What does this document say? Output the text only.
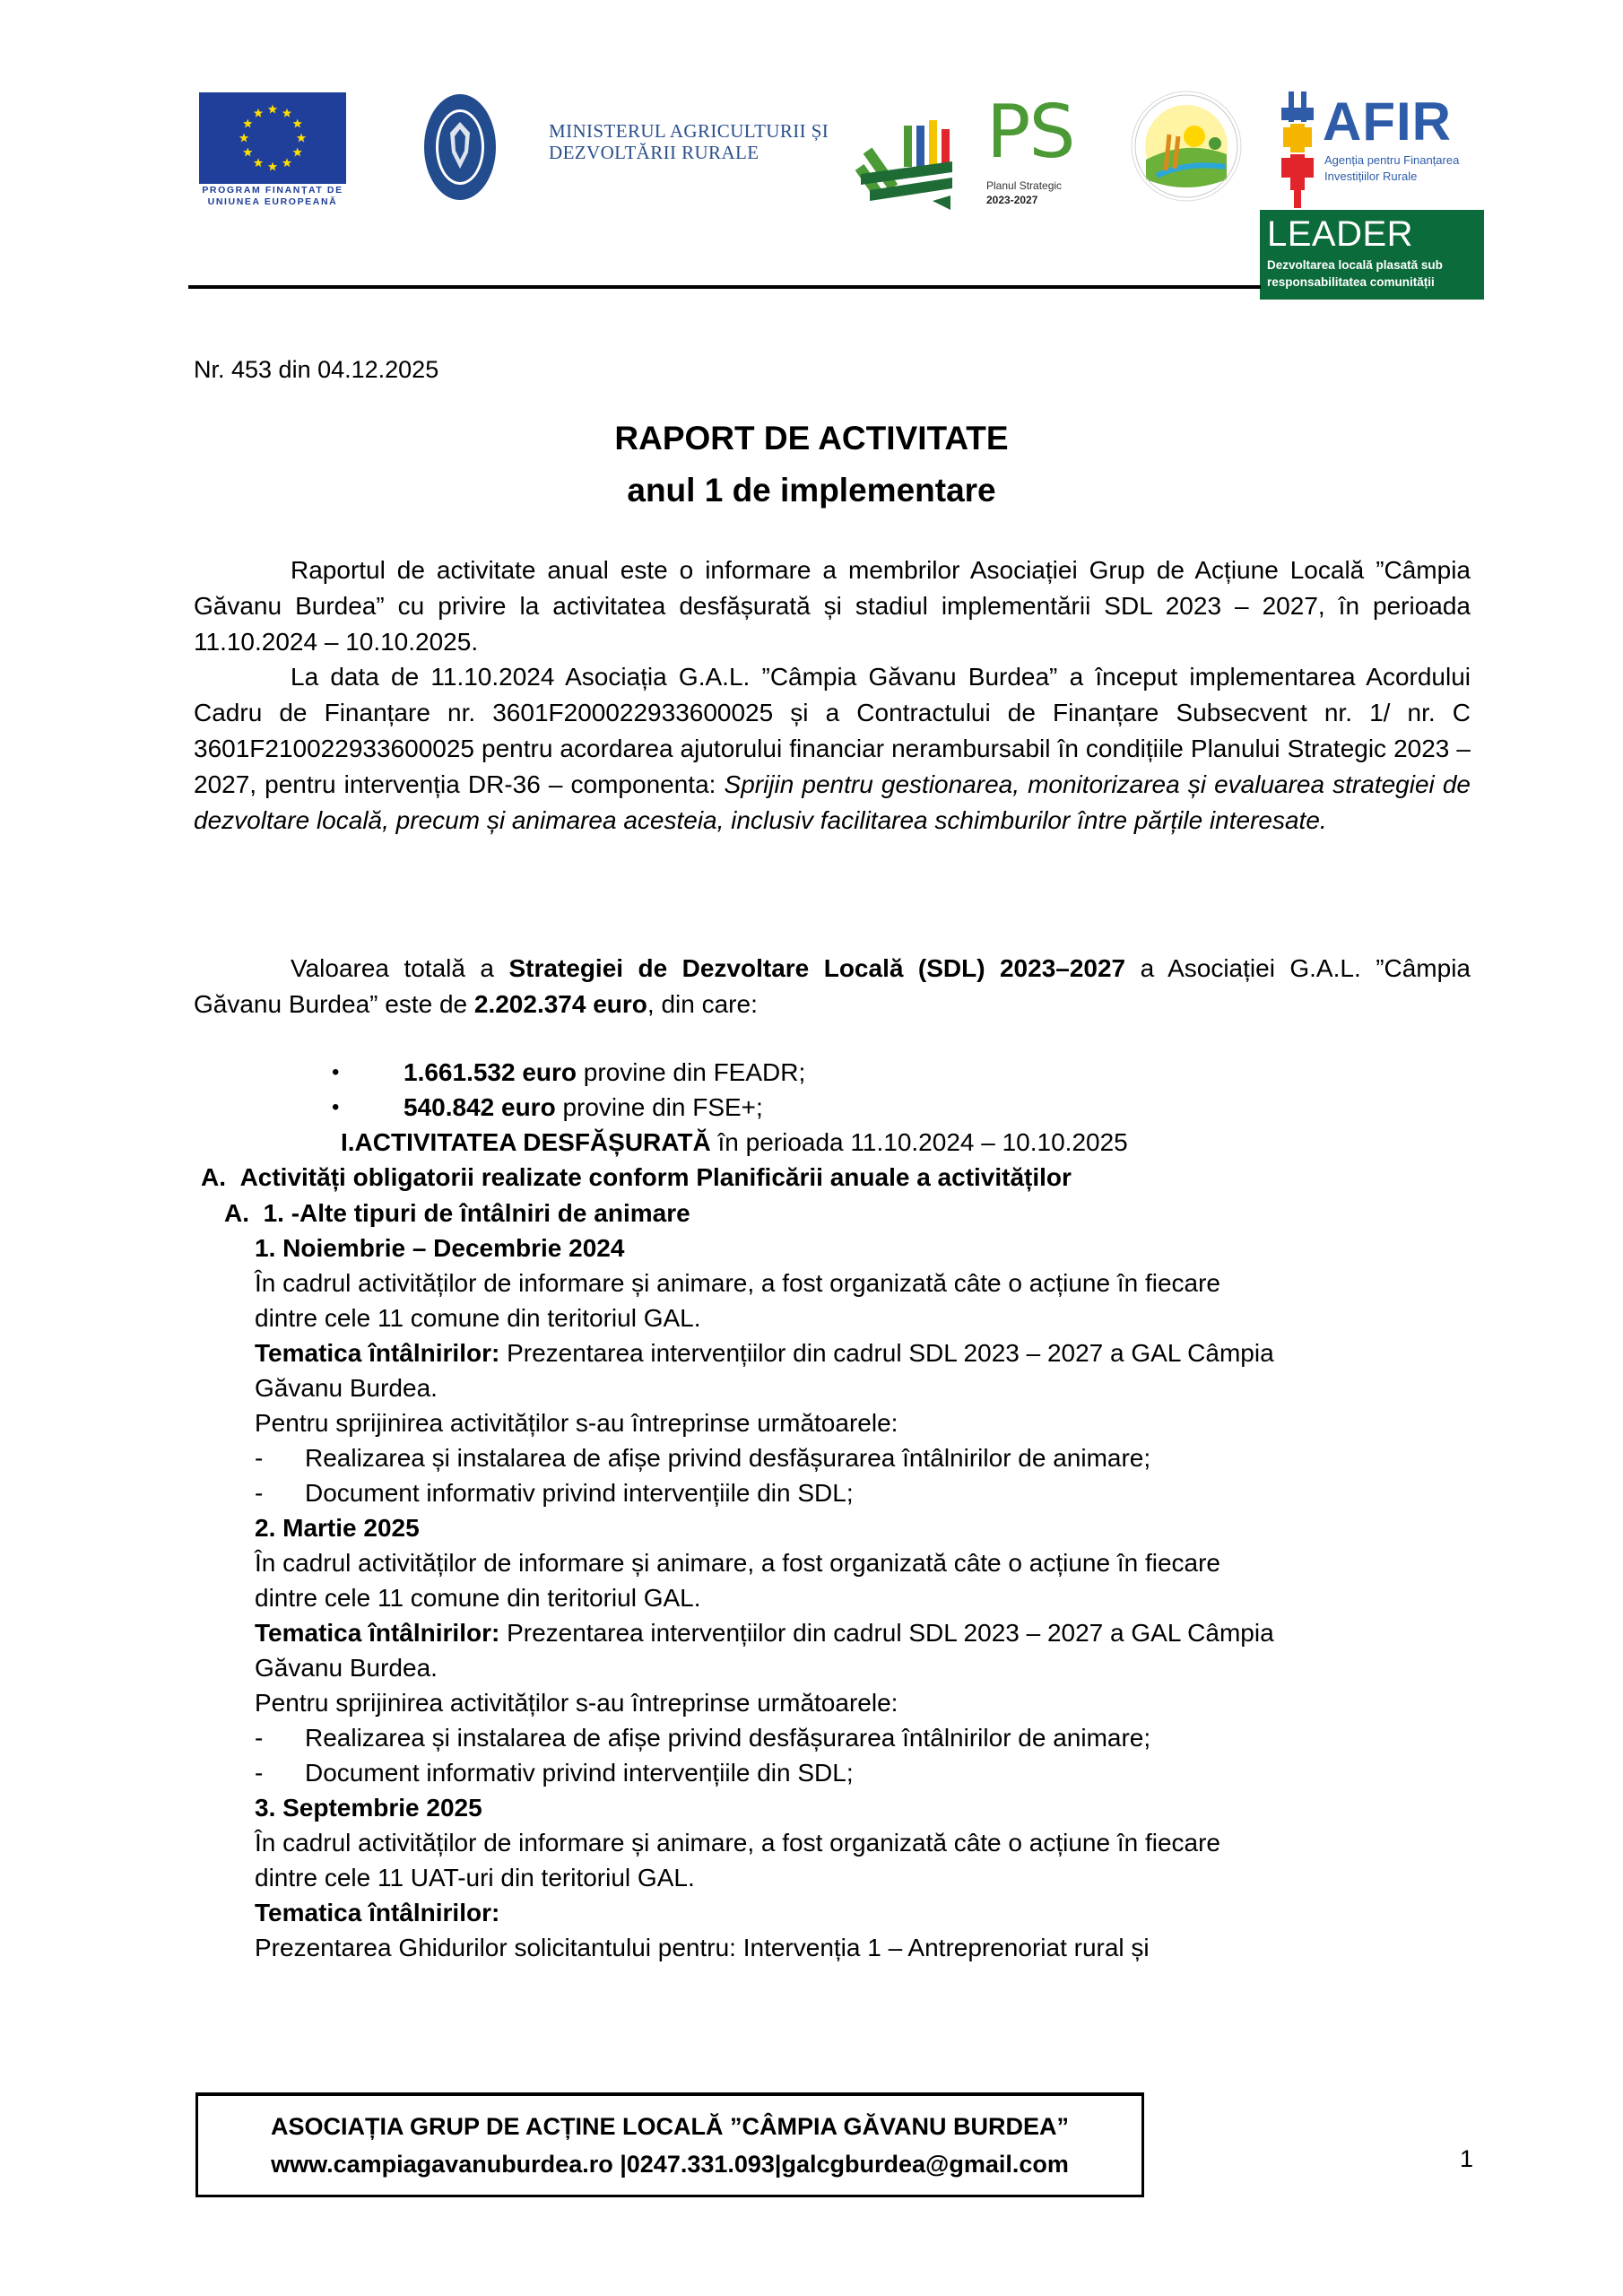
PROGRAM FINANȚAT DE
UNIUNEA EUROPEANĂ
MINISTERUL AGRICULTURII ȘI
DEZVOLTĂRII RURALE	PS
Planul Strategic
2023-2027
AFIR
Agenția pentru Finanțarea
Investițiilor Rurale
LEADER
Dezvoltarea locală plasată sub
responsabilitatea comunității
Nr. 453 din 04.12.2025
RAPORT DE ACTIVITATE
anul 1 de implementare
Raportul de activitate anual este o informare a membrilor Asociației Grup de Acțiune Locală ”Câmpia Găvanu Burdea” cu privire la activitatea desfășurată și stadiul implementării SDL 2023 – 2027, în perioada 11.10.2024 – 10.10.2025.
La data de 11.10.2024 Asociația G.A.L. ”Câmpia Găvanu Burdea” a început implementarea Acordului Cadru de Finanțare nr. 3601F200022933600025 și a Contractului de Finanțare Subsecvent nr. 1/ nr. C 3601F210022933600025 pentru acordarea ajutorului financiar nerambursabil în condițiile Planului Strategic 2023 – 2027, pentru intervenția DR-36 – componenta: Sprijin pentru gestionarea, monitorizarea și evaluarea strategiei de dezvoltare locală, precum și animarea acesteia, inclusiv facilitarea schimburilor între părțile interesate.
Valoarea totală a Strategiei de Dezvoltare Locală (SDL) 2023–2027 a Asociației G.A.L. ”Câmpia Găvanu Burdea” este de 2.202.374 euro, din care:
•	1.661.532 euro provine din FEADR;
•	540.842 euro provine din FSE+;
I.ACTIVITATEA DESFĂȘURATĂ în perioada 11.10.2024 – 10.10.2025
A. Activități obligatorii realizate conform Planificării anuale a activităților
A. 1. -Alte tipuri de întâlniri de animare
1. Noiembrie – Decembrie 2024
În cadrul activităților de informare și animare, a fost organizată câte o acțiune în fiecare
dintre cele 11 comune din teritoriul GAL.
Tematica întâlnirilor: Prezentarea intervențiilor din cadrul SDL 2023 – 2027 a GAL Câmpia
Găvanu Burdea.
Pentru sprijinirea activităților s-au întreprinse următoarele:
- Realizarea și instalarea de afișe privind desfășurarea întâlnirilor de animare;
- Document informativ privind intervențiile din SDL;
2. Martie 2025
În cadrul activităților de informare și animare, a fost organizată câte o acțiune în fiecare
dintre cele 11 comune din teritoriul GAL.
Tematica întâlnirilor: Prezentarea intervențiilor din cadrul SDL 2023 – 2027 a GAL Câmpia
Găvanu Burdea.
Pentru sprijinirea activităților s-au întreprinse următoarele:
- Realizarea și instalarea de afișe privind desfășurarea întâlnirilor de animare;
- Document informativ privind intervențiile din SDL;
3. Septembrie 2025
În cadrul activităților de informare și animare, a fost organizată câte o acțiune în fiecare
dintre cele 11 UAT-uri din teritoriul GAL.
Tematica întâlnirilor:
Prezentarea Ghidurilor solicitantului pentru: Intervenția 1 – Antreprenoriat rural și
ASOCIAȚIA GRUP DE ACȚINE LOCALĂ ”CÂMPIA GĂVANU BURDEA”
www.campiagavanuburdea.ro |0247.331.093|galcgburdea@gmail.com	1
